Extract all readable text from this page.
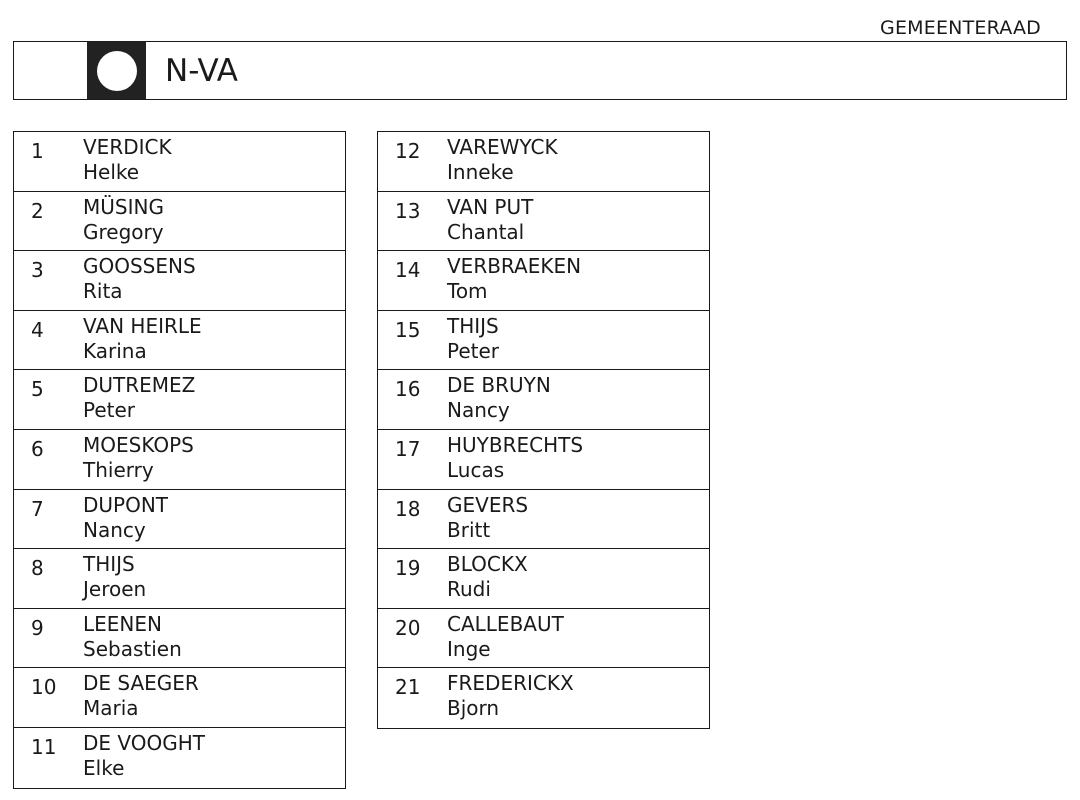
GEMEENTERAAD
N-VA
1 VERDICK
Helke
2 MÜSING
Gregory
3 GOOSSENS
Rita
4 VAN HEIRLE
Karina
5 DUTREMEZ
Peter
6 MOESKOPS
Thierry
7 DUPONT
Nancy
8 THIJS
Jeroen
9 LEENEN
Sebastien
10 DE SAEGER
Maria
11 DE VOOGHT
Elke
12 VAREWYCK
Inneke
13 VAN PUT
Chantal
14 VERBRAEKEN
Tom
15 THIJS
Peter
16 DE BRUYN
Nancy
17 HUYBRECHTS
Lucas
18 GEVERS
Britt
19 BLOCKX
Rudi
20 CALLEBAUT
Inge
21 FREDERICKX
Bjorn
